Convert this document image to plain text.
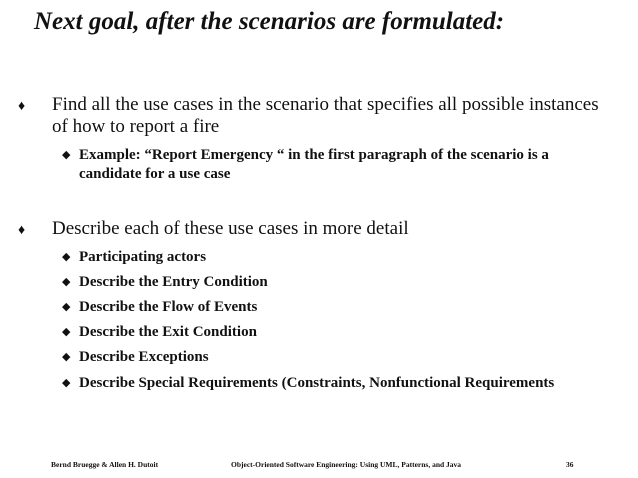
Next goal, after the scenarios are formulated:
♦ Find all the use cases in the scenario that specifies all possible instances of how to report a fire
◆ Example: “Report Emergency “ in the first paragraph of the scenario is a candidate for a use case
♦ Describe each of these use cases in more detail
◆ Participating actors
◆ Describe the Entry Condition
◆ Describe the Flow of Events
◆ Describe the Exit Condition
◆ Describe Exceptions
◆ Describe Special Requirements (Constraints, Nonfunctional Requirements
Bernd Bruegge & Allen H. Dutoit	Object-Oriented Software Engineering: Using UML, Patterns, and Java	36
